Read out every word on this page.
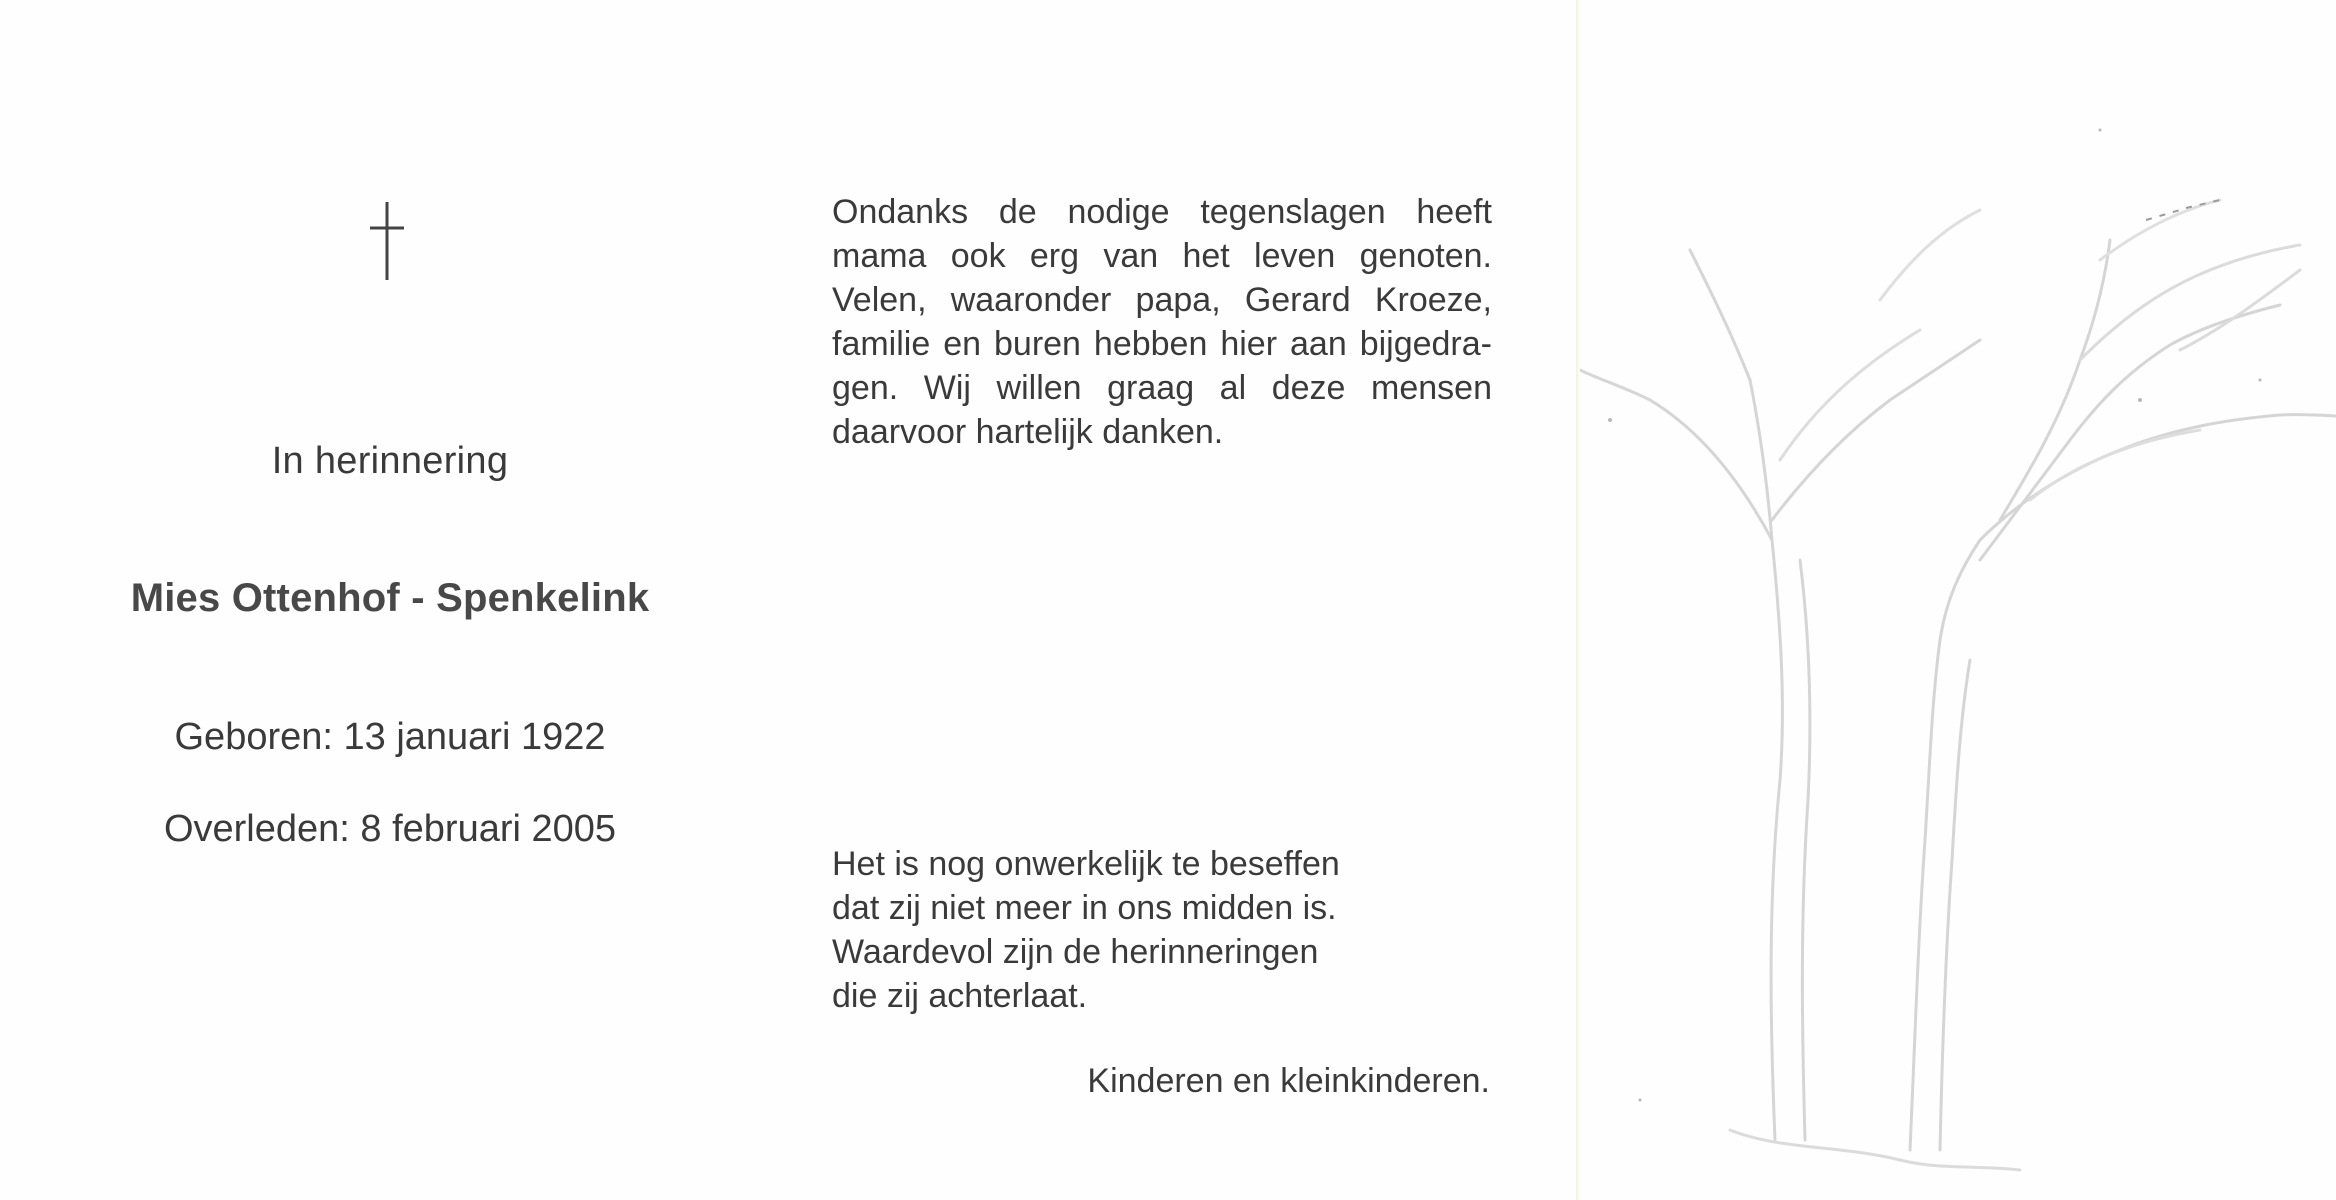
In herinnering
Mies Ottenhof - Spenkelink
Geboren: 13 januari 1922
Overleden: 8 februari 2005
Ondanks de nodige tegenslagen heeft
mama ook erg van het leven genoten.
Velen, waaronder papa, Gerard Kroeze,
familie en buren hebben hier aan bijgedra-
gen. Wij willen graag al deze mensen
daarvoor hartelijk danken.
Het is nog onwerkelijk te beseffen
dat zij niet meer in ons midden is.
Waardevol zijn de herinneringen
die zij achterlaat.
Kinderen en kleinkinderen.
